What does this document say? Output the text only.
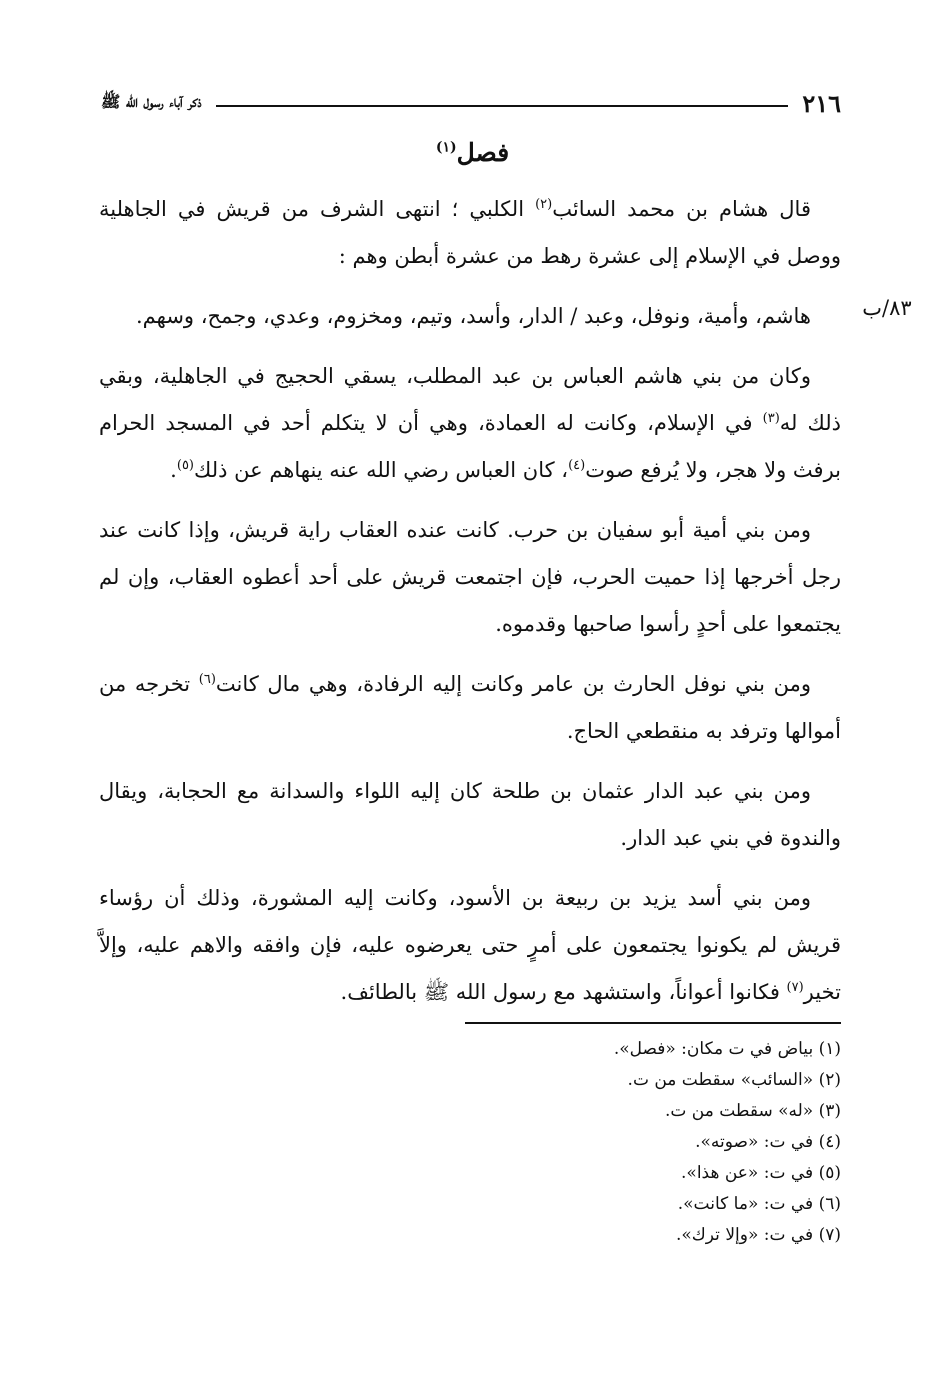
٢١٦
ذكر آباء رسول الله ﷺ
فصل$^{(١)}$
٨٣/ب

قال هشام بن محمد السائب$^{(٢)}$ الكلبي ؛ انتهى الشرف من قريش في الجاهلية ووصل في الإسلام إلى عشرة رهط من عشرة أبطن وهم :

هاشم، وأمية، ونوفل، وعبد / الدار، وأسد، وتيم، ومخزوم، وعدي، وجمح، وسهم.

وكان من بني هاشم العباس بن عبد المطلب، يسقي الحجيج في الجاهلية، وبقي ذلك له$^{(٣)}$ في الإسلام، وكانت له العمادة، وهي أن لا يتكلم أحد في المسجد الحرام برفث ولا هجر، ولا يُرفع صوت$^{(٤)}$، كان العباس رضي الله عنه ينهاهم عن ذلك$^{(٥)}$.

ومن بني أمية أبو سفيان بن حرب. كانت عنده العقاب راية قريش، وإذا كانت عند رجل أخرجها إذا حميت الحرب، فإن اجتمعت قريش على أحد أعطوه العقاب، وإن لم يجتمعوا على أحدٍ رأسوا صاحبها وقدموه.

ومن بني نوفل الحارث بن عامر وكانت إليه الرفادة، وهي مال كانت$^{(٦)}$ تخرجه من أموالها وترفد به منقطعي الحاج.

ومن بني عبد الدار عثمان بن طلحة كان إليه اللواء والسدانة مع الحجابة، ويقال والندوة في بني عبد الدار.

ومن بني أسد يزيد بن ربيعة بن الأسود، وكانت إليه المشورة، وذلك أن رؤساء قريش لم يكونوا يجتمعون على أمرٍ حتى يعرضوه عليه، فإن وافقه والاهم عليه، وإلاَّ تخير$^{(٧)}$ فكانوا أعواناً، واستشهد مع رسول الله ﷺ بالطائف.

(١) بياض في ت مكان: «فصل».
(٢) «السائب» سقطت من ت.
(٣) «له» سقطت من ت.
(٤) في ت: «صوته».
(٥) في ت: «عن هذا».
(٦) في ت: «ما كانت».
(٧) في ت: «وإلا ترك».
